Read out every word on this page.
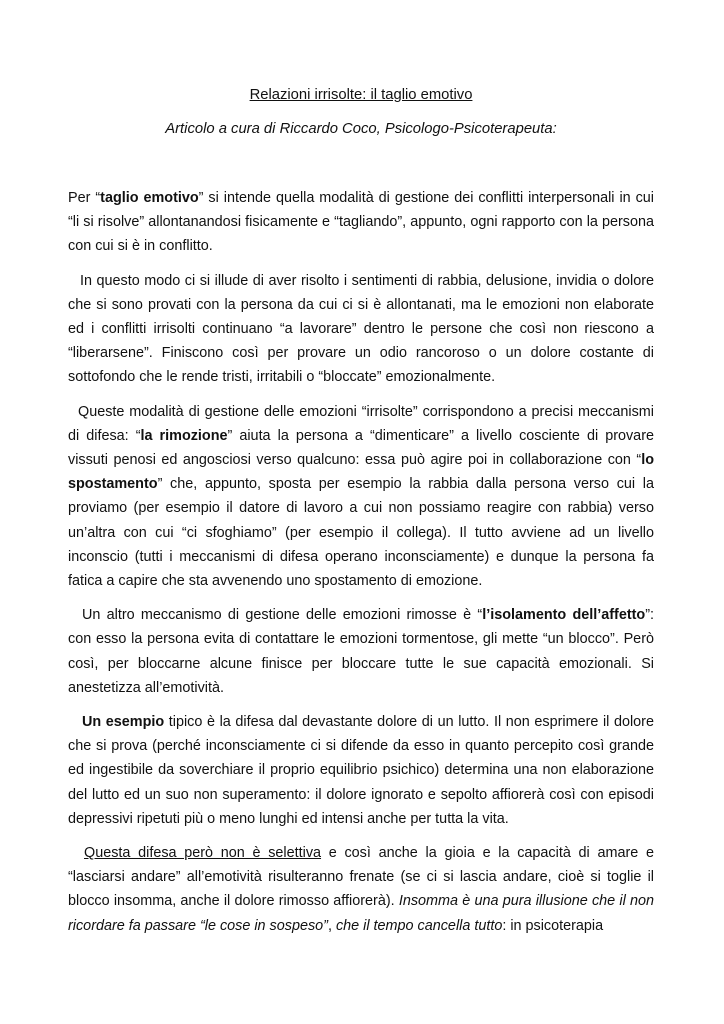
Relazioni irrisolte: il taglio emotivo

Articolo a cura di Riccardo Coco, Psicologo-Psicoterapeuta:

Per “taglio emotivo” si intende quella modalità di gestione dei conflitti interpersonali in cui “li si risolve” allontanandosi fisicamente e “tagliando”, appunto, ogni rapporto con la persona con cui si è in conflitto.

In questo modo ci si illude di aver risolto i sentimenti di rabbia, delusione, invidia o dolore che si sono provati con la persona da cui ci si è allontanati, ma le emozioni non elaborate ed i conflitti irrisolti continuano “a lavorare” dentro le persone che così non riescono a “liberarsene”. Finiscono così per provare un odio rancoroso o un dolore costante di sottofondo che le rende tristi, irritabili o “bloccate” emozionalmente.

Queste modalità di gestione delle emozioni “irrisolte” corrispondono a precisi meccanismi di difesa: “la rimozione” aiuta la persona a “dimenticare” a livello cosciente di provare vissuti penosi ed angosciosi verso qualcuno: essa può agire poi in collaborazione con “lo spostamento” che, appunto, sposta per esempio la rabbia dalla persona verso cui la proviamo (per esempio il datore di lavoro a cui non possiamo reagire con rabbia) verso un’altra con cui “ci sfoghiamo” (per esempio il collega). Il tutto avviene ad un livello inconscio (tutti i meccanismi di difesa operano inconsciamente) e dunque la persona fa fatica a capire che sta avvenendo uno spostamento di emozione.

Un altro meccanismo di gestione delle emozioni rimosse è “l’isolamento dell’affetto”: con esso la persona evita di contattare le emozioni tormentose, gli mette “un blocco”. Però così, per bloccarne alcune finisce per bloccare tutte le sue capacità emozionali. Si anestetizza all’emotività.

Un esempio tipico è la difesa dal devastante dolore di un lutto. Il non esprimere il dolore che si prova (perché inconsciamente ci si difende da esso in quanto percepito così grande ed ingestibile da soverchiare il proprio equilibrio psichico) determina una non elaborazione del lutto ed un suo non superamento: il dolore ignorato e sepolto affiorerà così con episodi depressivi ripetuti più o meno lunghi ed intensi anche per tutta la vita.

Questa difesa però non è selettiva e così anche la gioia e la capacità di amare e “lasciarsi andare” all’emotività risulteranno frenate (se ci si lascia andare, cioè si toglie il blocco insomma, anche il dolore rimosso affiorerà). Insomma è una pura illusione che il non ricordare fa passare “le cose in sospeso”, che il tempo cancella tutto: in psicoterapia
